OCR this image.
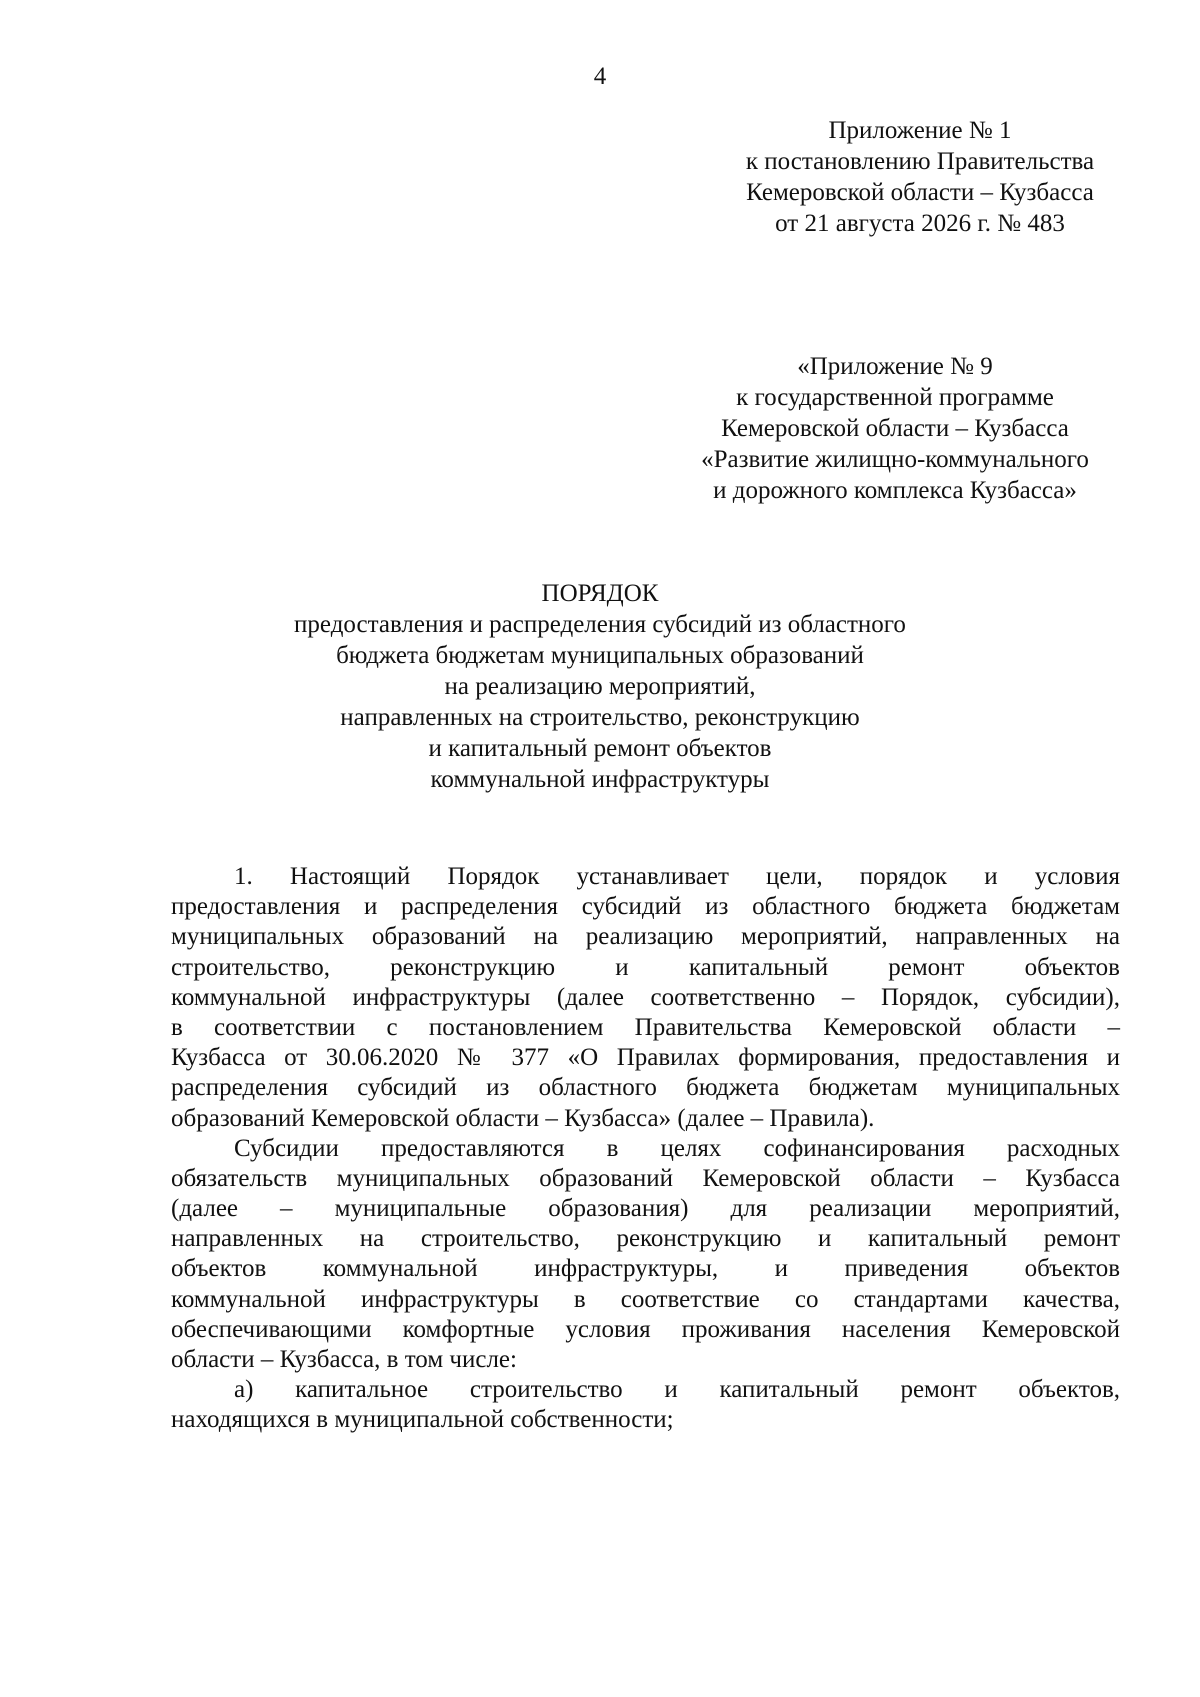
4
Приложение № 1
к постановлению Правительства
Кемеровской области – Кузбасса
от 21 августа 2026 г. № 483
«Приложение № 9
к государственной программе
Кемеровской области – Кузбасса
«Развитие жилищно-коммунального
и дорожного комплекса Кузбасса»
ПОРЯДОК
предоставления и распределения субсидий из областного
бюджета бюджетам муниципальных образований
на реализацию мероприятий,
направленных на строительство, реконструкцию
и капитальный ремонт объектов
коммунальной инфраструктуры
1. Настоящий Порядок устанавливает цели, порядок и условия
предоставления и распределения субсидий из областного бюджета бюджетам
муниципальных образований на реализацию мероприятий, направленных на
строительство, реконструкцию и капитальный ремонт объектов
коммунальной инфраструктуры (далее соответственно – Порядок, субсидии),
в соответствии с постановлением Правительства Кемеровской области –
Кузбасса от 30.06.2020 № 377 «О Правилах формирования, предоставления и
распределения субсидий из областного бюджета бюджетам муниципальных
образований Кемеровской области – Кузбасса» (далее – Правила).
Субсидии предоставляются в целях софинансирования расходных
обязательств муниципальных образований Кемеровской области – Кузбасса
(далее – муниципальные образования) для реализации мероприятий,
направленных на строительство, реконструкцию и капитальный ремонт
объектов коммунальной инфраструктуры, и приведения объектов
коммунальной инфраструктуры в соответствие со стандартами качества,
обеспечивающими комфортные условия проживания населения Кемеровской
области – Кузбасса, в том числе:
а) капитальное строительство и капитальный ремонт объектов,
находящихся в муниципальной собственности;
